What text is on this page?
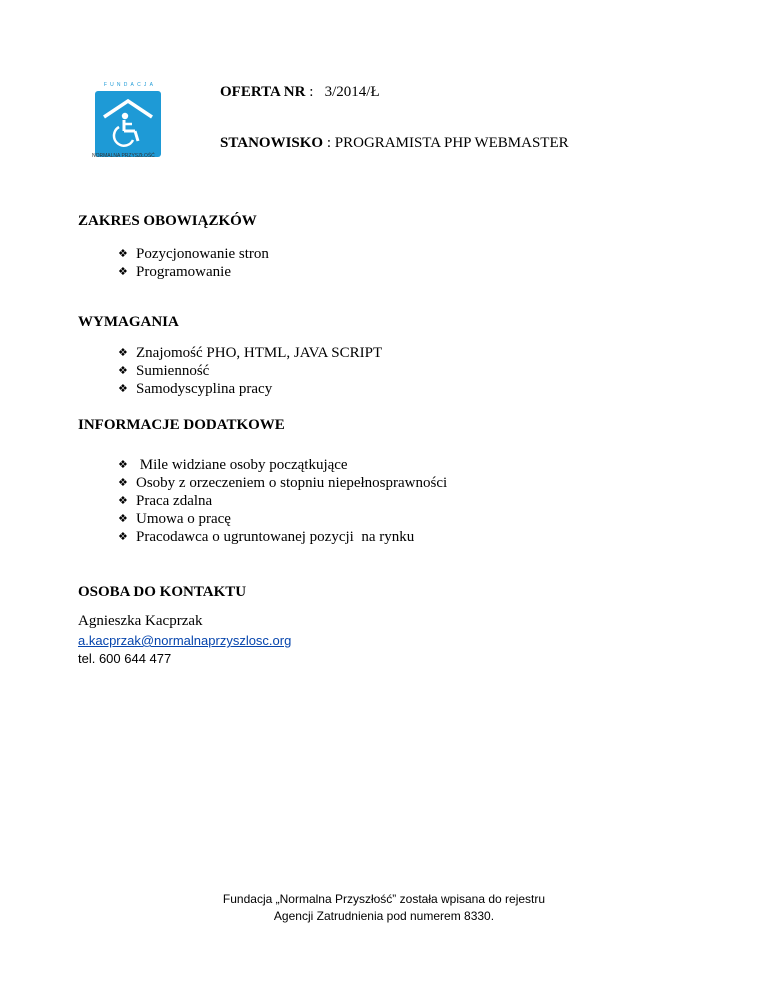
FUNDACJA
NORMALNA PRZYSZŁOŚĆ
OFERTA NR :   3/2014/Ł
STANOWISKO : PROGRAMISTA PHP WEBMASTER
ZAKRES OBOWIĄZKÓW
❖ Pozycjonowanie stron
❖ Programowanie
WYMAGANIA
❖ Znajomość PHO, HTML, JAVA SCRIPT
❖ Sumienność
❖ Samodyscyplina pracy
INFORMACJE DODATKOWE
❖ Mile widziane osoby początkujące
❖ Osoby z orzeczeniem o stopniu niepełnosprawności
❖ Praca zdalna
❖ Umowa o pracę
❖ Pracodawca o ugruntowanej pozycji  na rynku
OSOBA DO KONTAKTU
Agnieszka Kacprzak
a.kacprzak@normalnaprzyszlosc.org
tel. 600 644 477
Fundacja „Normalna Przyszłość” została wpisana do rejestru
Agencji Zatrudnienia pod numerem 8330.
